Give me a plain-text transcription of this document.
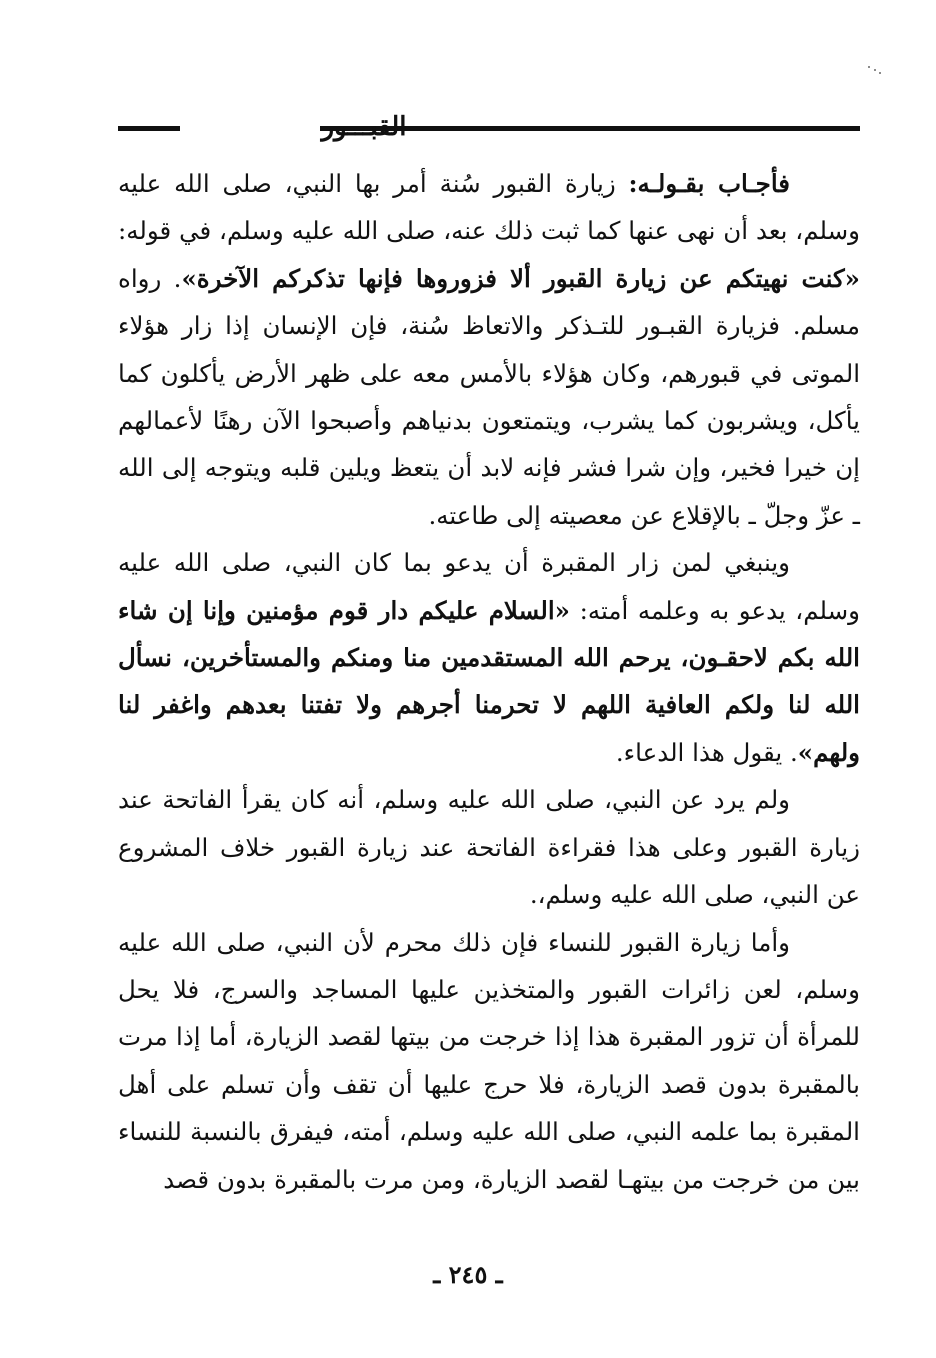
القبـــور

فأجـاب بقـولـه: زيارة القبور سُنة أمر بها النبي، صلى الله عليه وسلم، بعد أن نهى عنها كما ثبت ذلك عنه، صلى الله عليه وسلم، في قوله: «كنت نهيتكم عن زيارة القبور ألا فزوروها فإنها تذكركم الآخرة». رواه مسلم. فزيارة القبـور للتـذكر والاتعاظ سُنة، فإن الإنسان إذا زار هؤلاء الموتى في قبورهم، وكان هؤلاء بالأمس معه على ظهر الأرض يأكلون كما يأكل، ويشربون كما يشرب، ويتمتعون بدنياهم وأصبحوا الآن رهنًا لأعمالهم إن خيرا فخير، وإن شرا فشر فإنه لابد أن يتعظ ويلين قلبه ويتوجه إلى الله ـ عزّ وجلّ ـ بالإقلاع عن معصيته إلى طاعته.

وينبغي لمن زار المقبرة أن يدعو بما كان النبي، صلى الله عليه وسلم، يدعو به وعلمه أمته: «السلام عليكم دار قوم مؤمنين وإنا إن شاء الله بكم لاحقـون، يرحم الله المستقدمين منا ومنكم والمستأخرين، نسأل الله لنا ولكم العافية اللهم لا تحرمنا أجرهم ولا تفتنا بعدهم واغفر لنا ولهم». يقول هذا الدعاء.

ولم يرد عن النبي، صلى الله عليه وسلم، أنه كان يقرأ الفاتحة عند زيارة القبور وعلى هذا فقراءة الفاتحة عند زيارة القبور خلاف المشروع عن النبي، صلى الله عليه وسلم،.

وأما زيارة القبور للنساء فإن ذلك محرم لأن النبي، صلى الله عليه وسلم، لعن زائرات القبور والمتخذين عليها المساجد والسرج، فلا يحل للمرأة أن تزور المقبرة هذا إذا خرجت من بيتها لقصد الزيارة، أما إذا مرت بالمقبرة بدون قصد الزيارة، فلا حرج عليها أن تقف وأن تسلم على أهل المقبرة بما علمه النبي، صلى الله عليه وسلم، أمته، فيفرق بالنسبة للنساء بين من خرجت من بيتهـا لقصد الزيارة، ومن مرت بالمقبرة بدون قصد

ـ ٢٤٥ ـ
